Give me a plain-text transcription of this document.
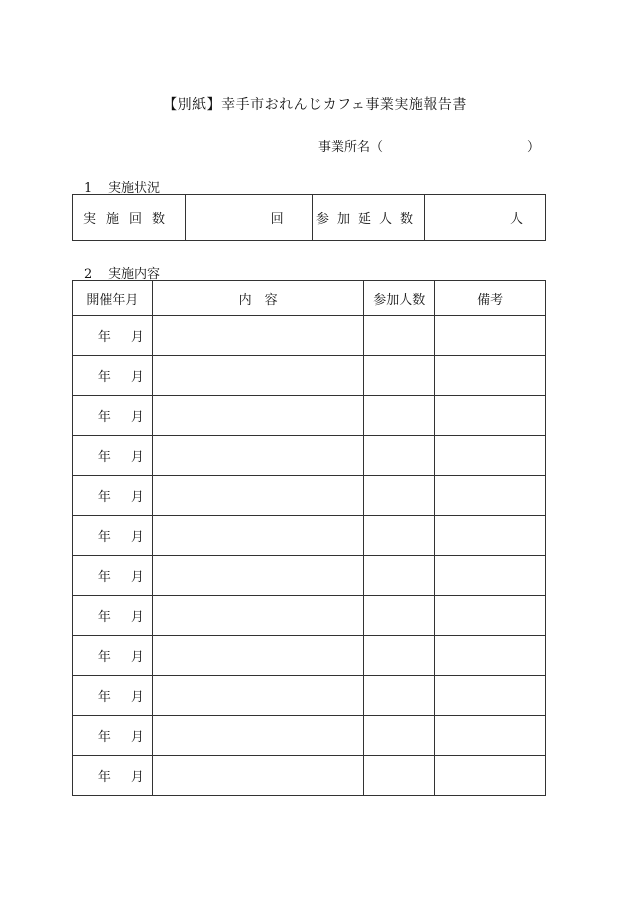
【別紙】幸手市おれんじカフェ事業実施報告書
事業所名（	）
1 実施状況
実施回数	回	参加延人数	人
2 実施内容
開催年月	内　容	参加人数	備考
年 月			
年 月			
年 月			
年 月			
年 月			
年 月			
年 月			
年 月			
年 月			
年 月			
年 月			
年 月			
